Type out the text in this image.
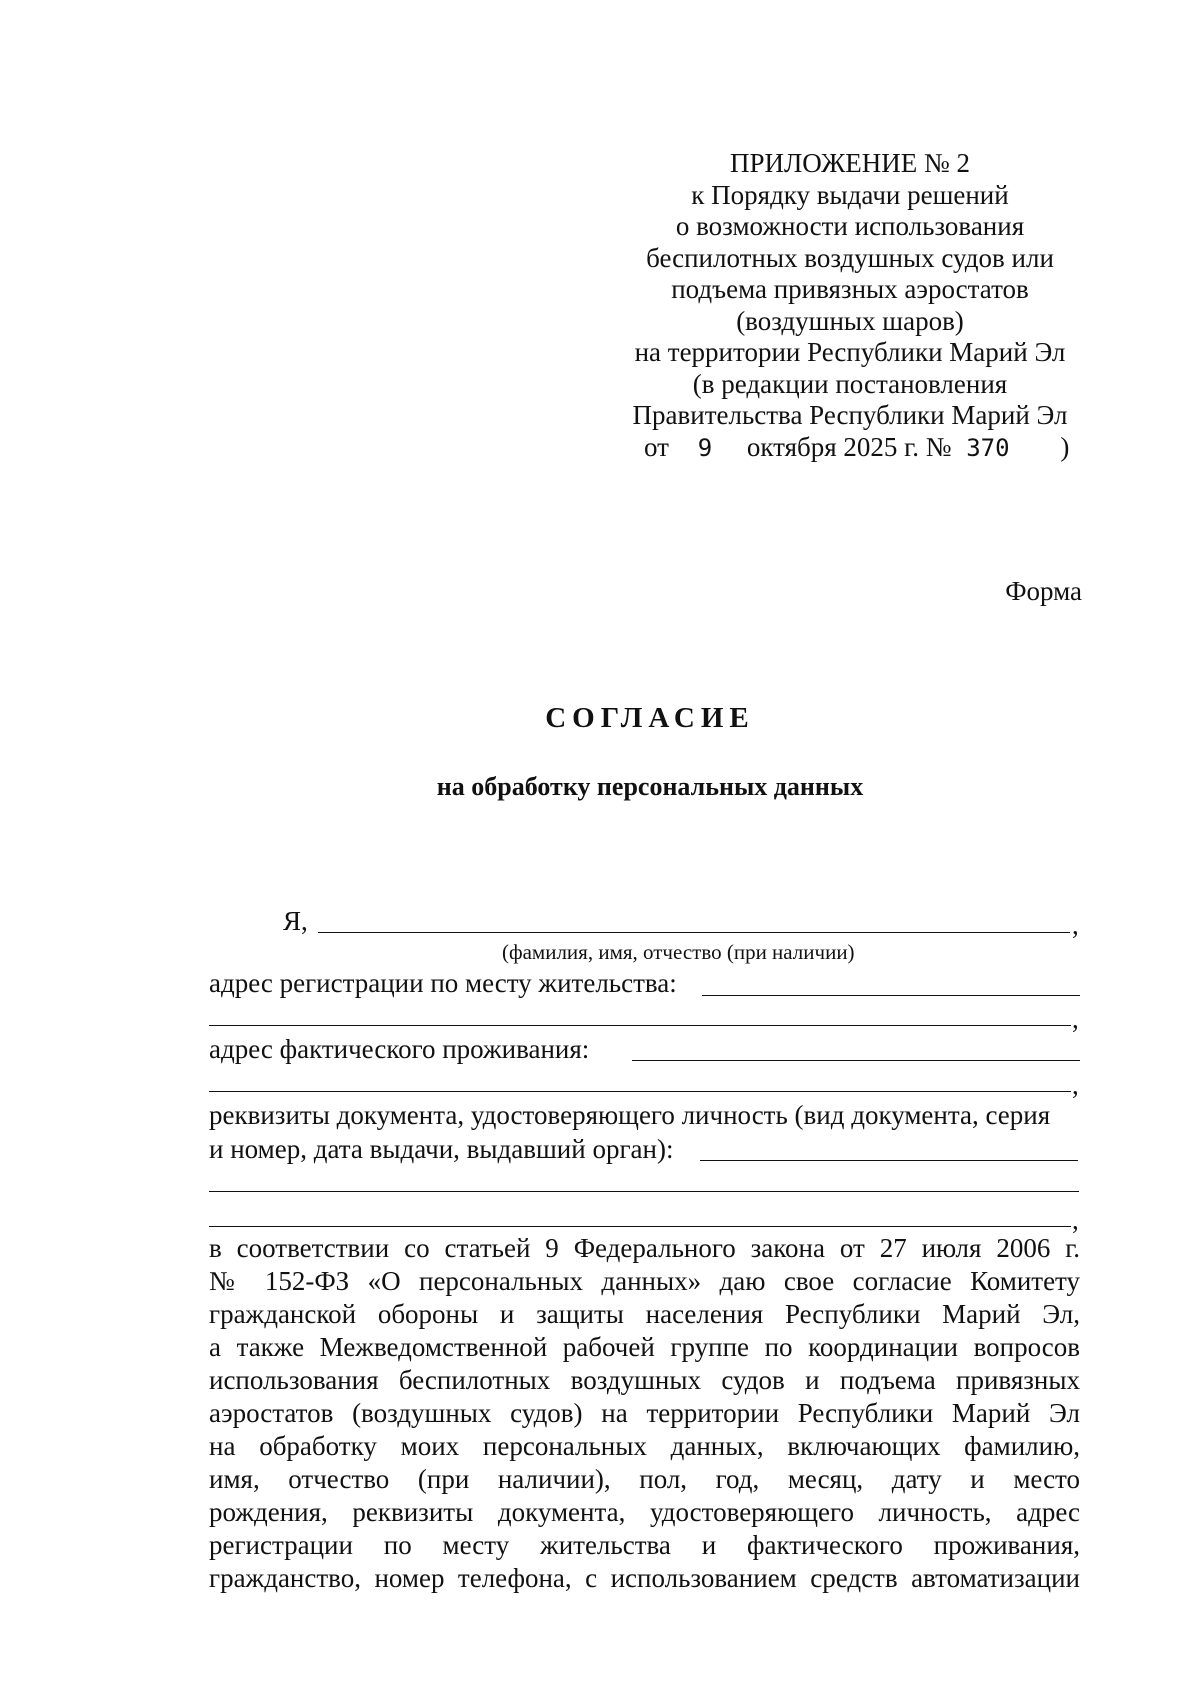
ПРИЛОЖЕНИЕ № 2
к Порядку выдачи решений
о возможности использования
беспилотных воздушных судов или
подъема привязных аэростатов
(воздушных шаров)
на территории Республики Марий Эл
(в редакции постановления
Правительства Республики Марий Эл
от 9 октября 2025 г. № 370 )
Форма
СОГЛАСИЕ
на обработку персональных данных
Я,	,
(фамилия, имя, отчество (при наличии)
адрес регистрации по месту жительства:
,
адрес фактического проживания:
,
реквизиты документа, удостоверяющего личность (вид документа, серия
и номер, дата выдачи, выдавший орган):
,
в соответствии со статьей 9 Федерального закона от 27 июля 2006 г.
№ 152-ФЗ «О персональных данных» даю свое согласие Комитету
гражданской обороны и защиты населения Республики Марий Эл,
а также Межведомственной рабочей группе по координации вопросов
использования беспилотных воздушных судов и подъема привязных
аэростатов (воздушных судов) на территории Республики Марий Эл
на обработку моих персональных данных, включающих фамилию,
имя, отчество (при наличии), пол, год, месяц, дату и место
рождения, реквизиты документа, удостоверяющего личность, адрес
регистрации по месту жительства и фактического проживания,
гражданство, номер телефона, с использованием средств автоматизации
